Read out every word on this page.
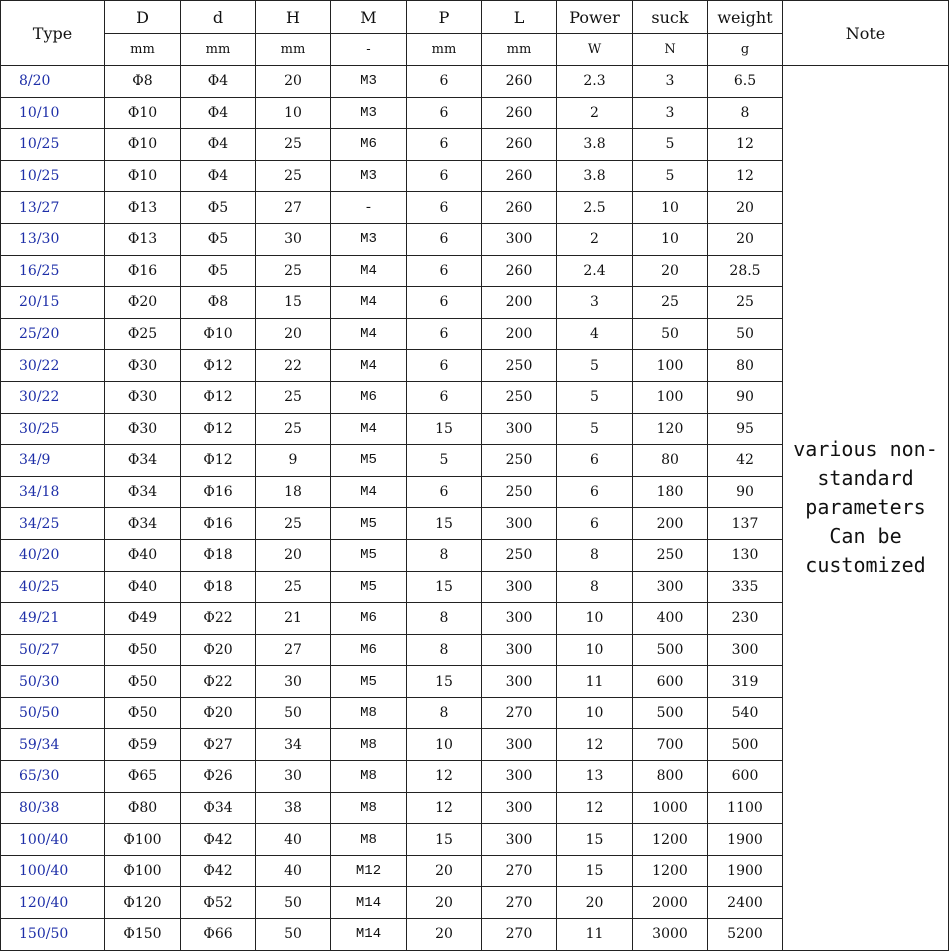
Type	D	d	H	M	P	L	Power	suck	weight	Note
	mm	mm	mm	-	mm	mm	W	N	g	
8/20	Φ8	Φ4	20	M3	6	260	2.3	3	6.5	various non-standard parameters Can be customized
10/10	Φ10	Φ4	10	M3	6	260	2	3	8	
10/25	Φ10	Φ4	25	M6	6	260	3.8	5	12	
10/25	Φ10	Φ4	25	M3	6	260	3.8	5	12	
13/27	Φ13	Φ5	27	-	6	260	2.5	10	20	
13/30	Φ13	Φ5	30	M3	6	300	2	10	20	
16/25	Φ16	Φ5	25	M4	6	260	2.4	20	28.5	
20/15	Φ20	Φ8	15	M4	6	200	3	25	25	
25/20	Φ25	Φ10	20	M4	6	200	4	50	50	
30/22	Φ30	Φ12	22	M4	6	250	5	100	80	
30/22	Φ30	Φ12	25	M6	6	250	5	100	90	
30/25	Φ30	Φ12	25	M4	15	300	5	120	95	
34/9	Φ34	Φ12	9	M5	5	250	6	80	42	
34/18	Φ34	Φ16	18	M4	6	250	6	180	90	
34/25	Φ34	Φ16	25	M5	15	300	6	200	137	
40/20	Φ40	Φ18	20	M5	8	250	8	250	130	
40/25	Φ40	Φ18	25	M5	15	300	8	300	335	
49/21	Φ49	Φ22	21	M6	8	300	10	400	230	
50/27	Φ50	Φ20	27	M6	8	300	10	500	300	
50/30	Φ50	Φ22	30	M5	15	300	11	600	319	
50/50	Φ50	Φ20	50	M8	8	270	10	500	540	
59/34	Φ59	Φ27	34	M8	10	300	12	700	500	
65/30	Φ65	Φ26	30	M8	12	300	13	800	600	
80/38	Φ80	Φ34	38	M8	12	300	12	1000	1100	
100/40	Φ100	Φ42	40	M8	15	300	15	1200	1900	
100/40	Φ100	Φ42	40	M12	20	270	15	1200	1900	
120/40	Φ120	Φ52	50	M14	20	270	20	2000	2400	
150/50	Φ150	Φ66	50	M14	20	270	11	3000	5200	
